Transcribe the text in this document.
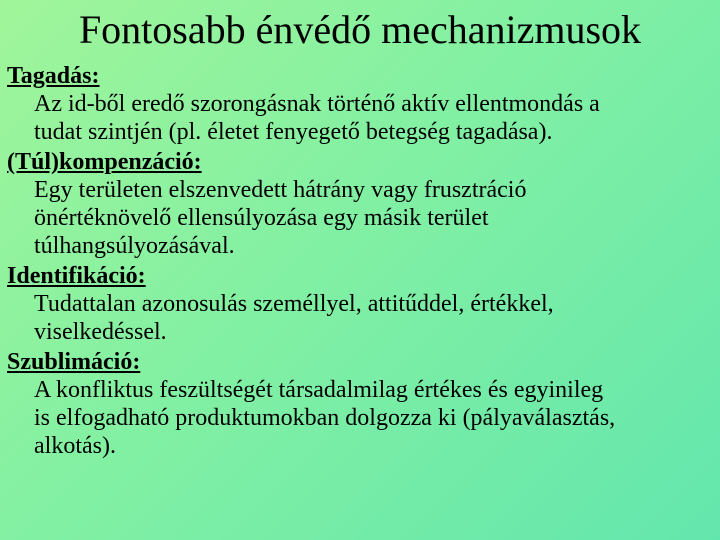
Fontosabb énvédő mechanizmusok

Tagadás:

Az id-ből eredő szorongásnak történő aktív ellentmondás a
tudat szintjén (pl. életet fenyegető betegség tagadása).

(Túl)kompenzáció:

Egy területen elszenvedett hátrány vagy frusztráció
önértéknövelő ellensúlyozása egy másik terület
túlhangsúlyozásával.

Identifikáció:

Tudattalan azonosulás személlyel, attitűddel, értékkel,
viselkedéssel.

Szublimáció:

A konfliktus feszültségét társadalmilag értékes és egyinileg
is elfogadható produktumokban dolgozza ki (pályaválasztás,
alkotás).
